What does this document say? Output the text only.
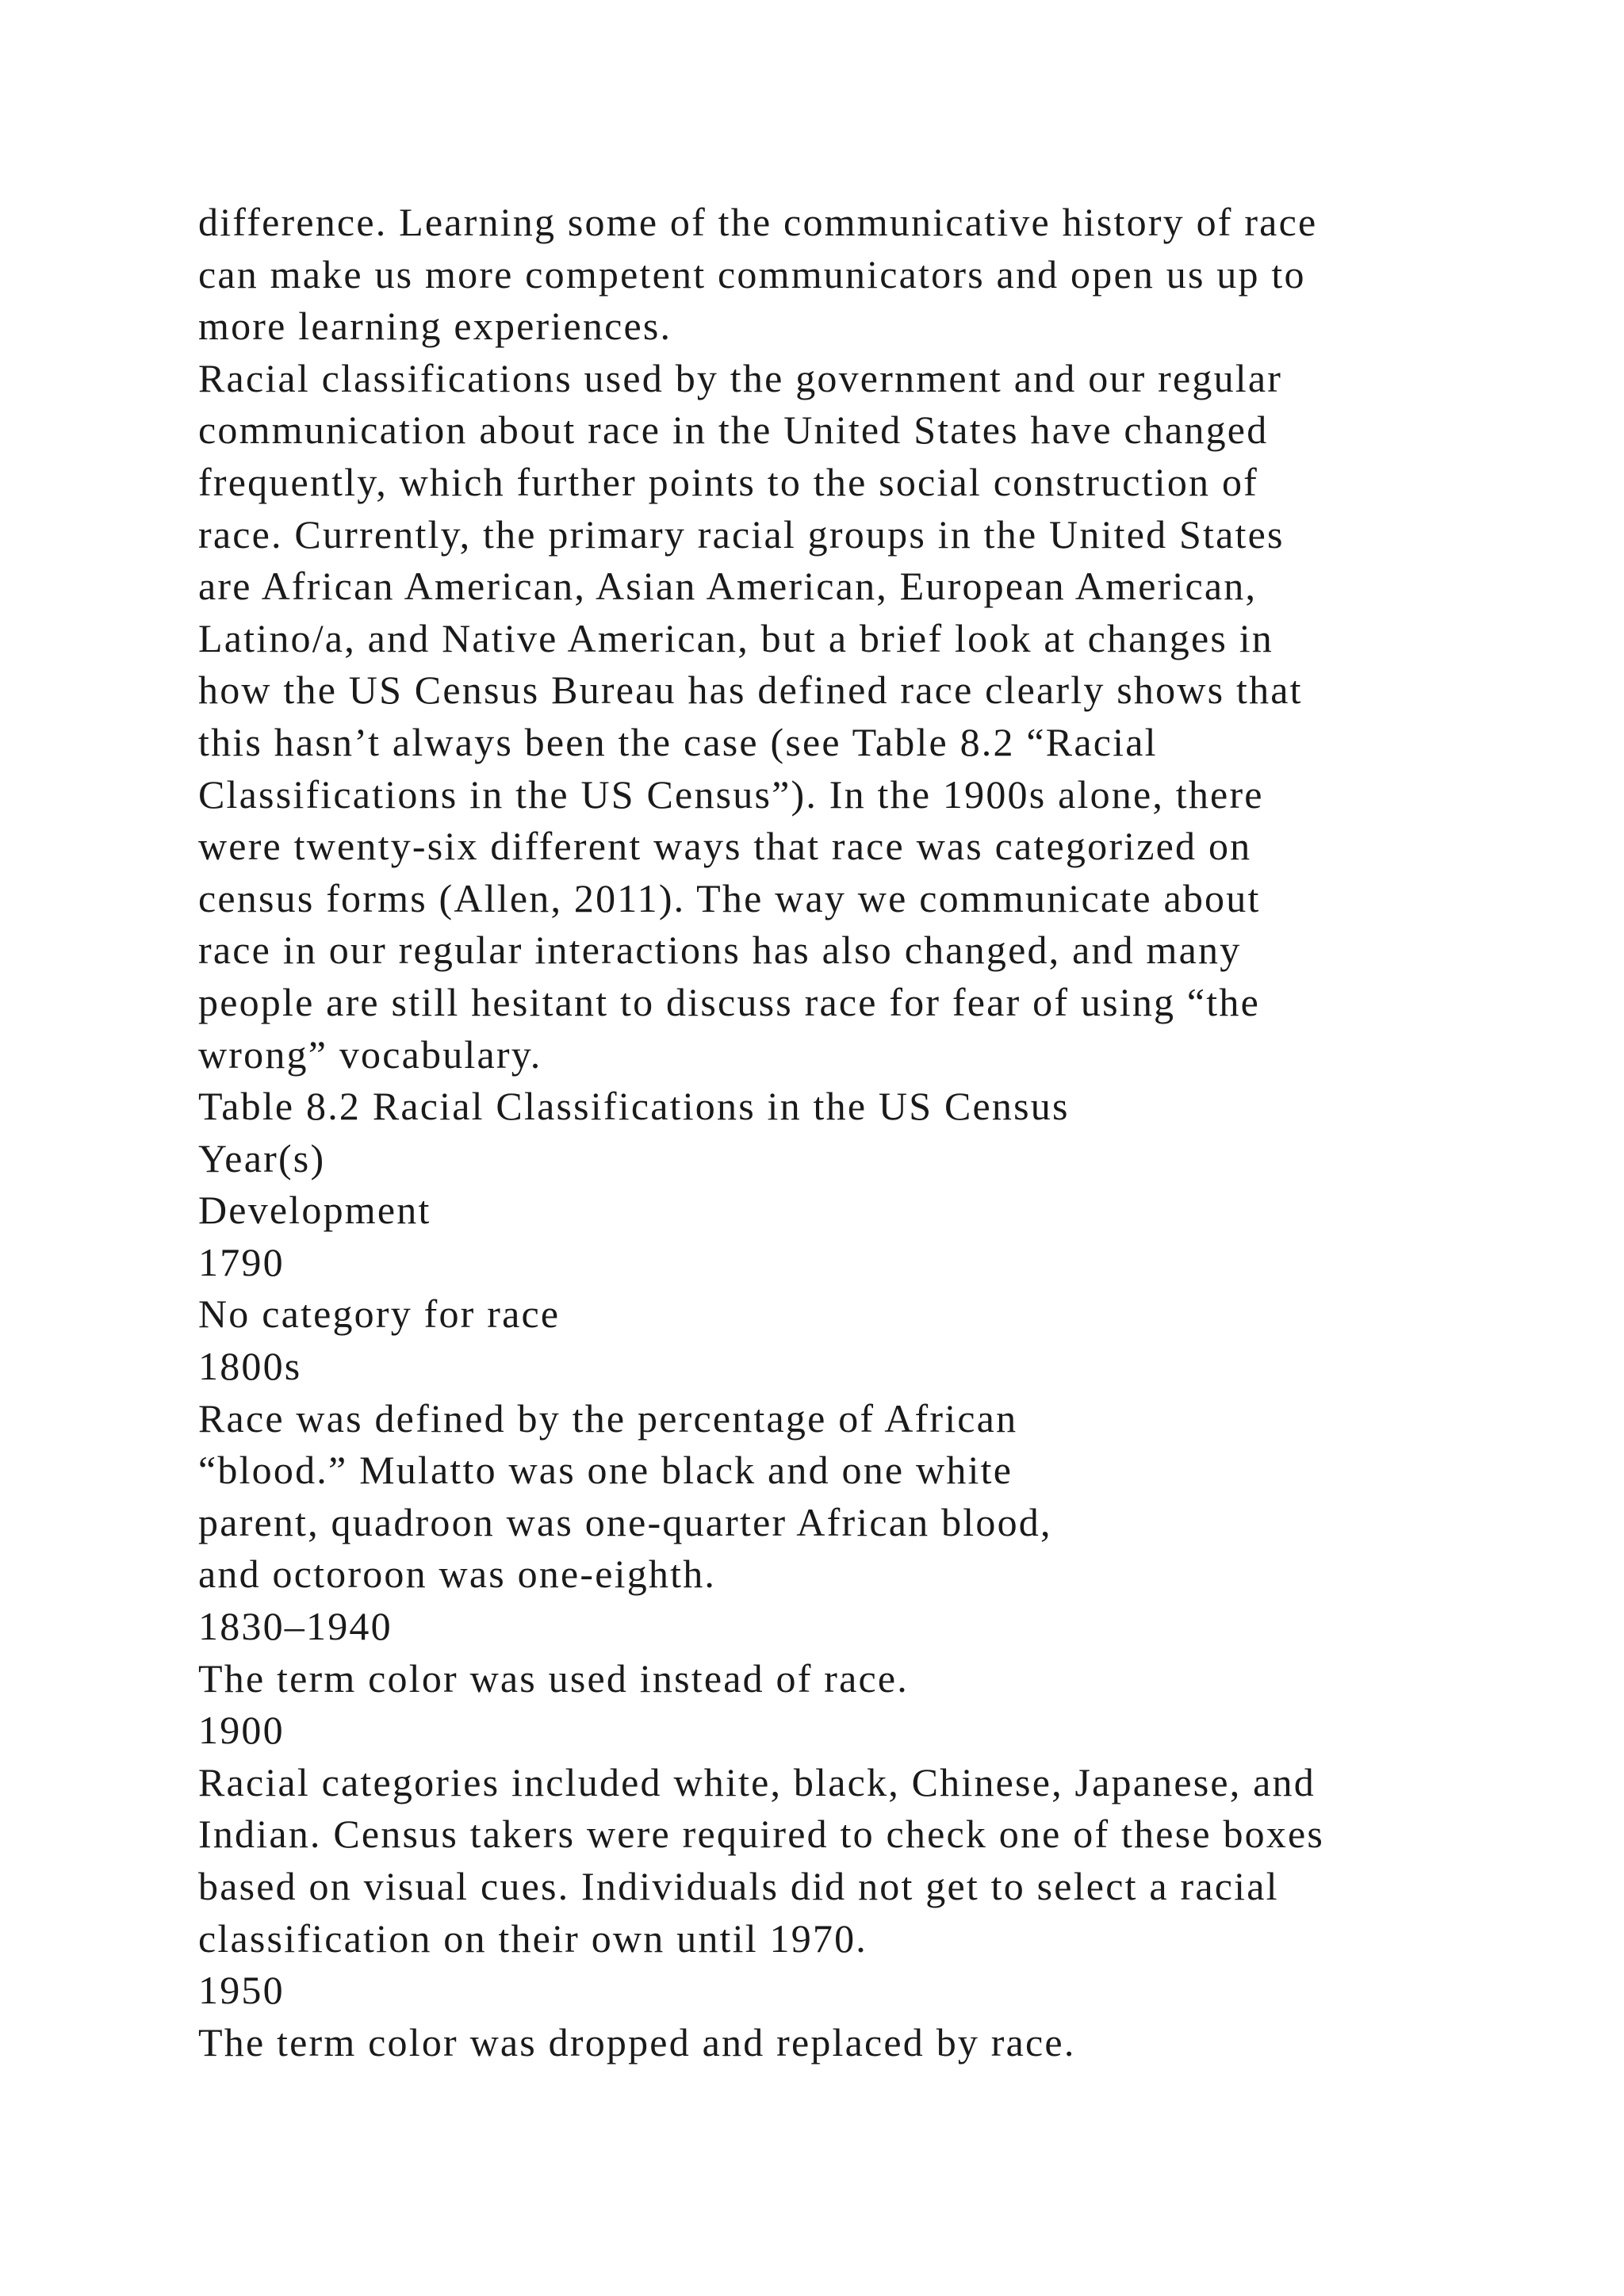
difference. Learning some of the communicative history of race
can make us more competent communicators and open us up to
more learning experiences.
Racial classifications used by the government and our regular
communication about race in the United States have changed
frequently, which further points to the social construction of
race. Currently, the primary racial groups in the United States
are African American, Asian American, European American,
Latino/a, and Native American, but a brief look at changes in
how the US Census Bureau has defined race clearly shows that
this hasn’t always been the case (see Table 8.2 “Racial
Classifications in the US Census”). In the 1900s alone, there
were twenty-six different ways that race was categorized on
census forms (Allen, 2011). The way we communicate about
race in our regular interactions has also changed, and many
people are still hesitant to discuss race for fear of using “the
wrong” vocabulary.
Table 8.2 Racial Classifications in the US Census
Year(s)
Development
1790
No category for race
1800s
Race was defined by the percentage of African
“blood.” Mulatto was one black and one white
parent, quadroon was one-quarter African blood,
and octoroon was one-eighth.
1830–1940
The term color was used instead of race.
1900
Racial categories included white, black, Chinese, Japanese, and
Indian. Census takers were required to check one of these boxes
based on visual cues. Individuals did not get to select a racial
classification on their own until 1970.
1950
The term color was dropped and replaced by race.
